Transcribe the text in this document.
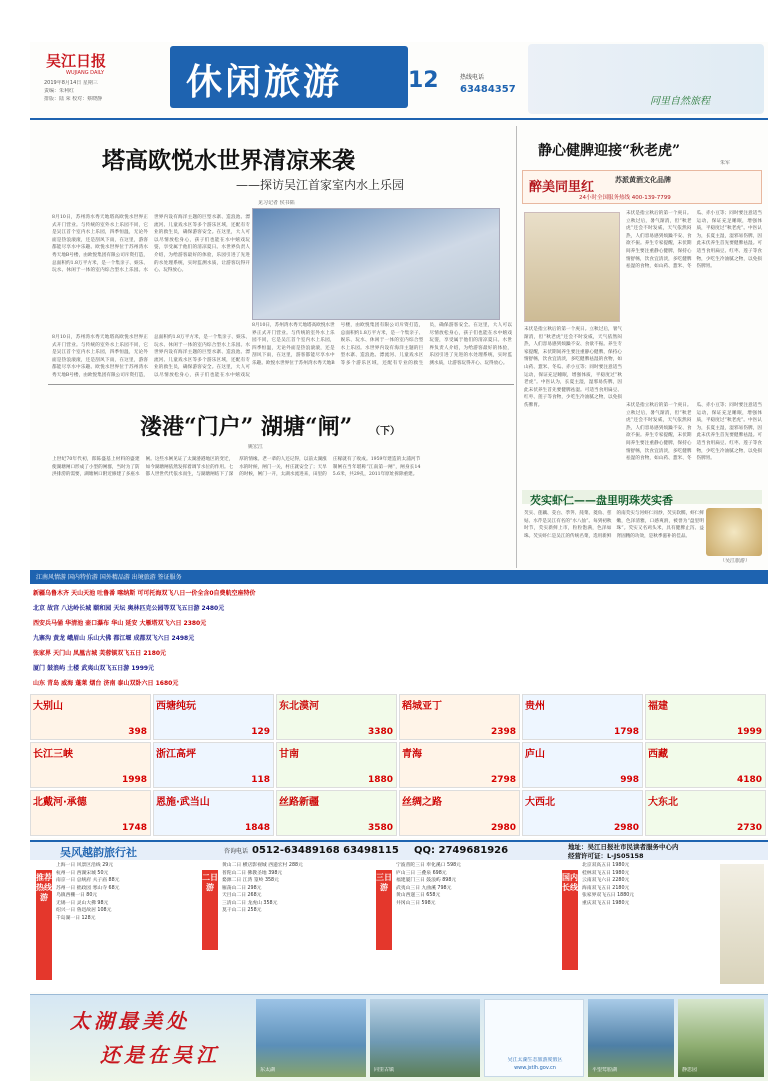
吴江日报
WUJIANG DAILY
2019年8月14日 星期三
责编：朱利红
排版：陆 荣 校对：蔡晓静	休闲旅游	12	热线电话
63484357
同里自然旅程
塔高欧悦水世界清凉来袭
——探访吴江首家室内水上乐园
见习记者 侯书韬
8月10日，苏州湾水秀天地塔高欧悦水世界正式开门营业。与传统的室外水上乐园不同，它是吴江首个室内水上乐园，四季恒温，无论外面是热浪滚滚，还是刮风下雨，在这里，游客都能尽享水中乐趣。欧悦水世界位于苏州湾水秀天地B号楼，由欧悦集团有限公司斥资打造，总面积约1.8万平方米，是一个集亲子、娱乐、玩水、休闲于一体的室内综合型水上乐园。水世界内设有海洋主题的巨型水寨、造浪池、漂流河、儿童戏水区等多个游乐区域，还配有专业的救生员，确保游客安全。在这里，大人可以尽情放松身心，孩子们也能在水中嬉戏玩耍，享受属于他们的清凉夏日。水世界负责人介绍，为给游客最好的体验，乐园引进了先进的水处理系统，实时监测水质，让游客玩得开心、玩得放心。
8月10日，苏州湾水秀天地塔高欧悦水世界正式开门营业。与传统的室外水上乐园不同，它是吴江首个室内水上乐园，四季恒温，无论外面是热浪滚滚，还是刮风下雨，在这里，游客都能尽享水中乐趣。欧悦水世界位于苏州湾水秀天地B号楼，由欧悦集团有限公司斥资打造，总面积约1.8万平方米，是一个集亲子、娱乐、玩水、休闲于一体的室内综合型水上乐园。水世界内设有海洋主题的巨型水寨、造浪池、漂流河、儿童戏水区等多个游乐区域，还配有专业的救生员，确保游客安全。在这里，大人可以尽情放松身心，孩子们也能在水中嬉戏玩耍，享受属于他们的清凉夏日。水世界负责人介绍，为给游客最好的体验，乐园引进了先进的水处理系统，实时监测水质，让游客玩得开心、玩得放心。
8月10日，苏州湾水秀天地塔高欧悦水世界正式开门营业。与传统的室外水上乐园不同，它是吴江首个室内水上乐园，四季恒温，无论外面是热浪滚滚，还是刮风下雨，在这里，游客都能尽享水中乐趣。欧悦水世界位于苏州湾水秀天地B号楼，由欧悦集团有限公司斥资打造，总面积约1.8万平方米，是一个集亲子、娱乐、玩水、休闲于一体的室内综合型水上乐园。水世界内设有海洋主题的巨型水寨、造浪池、漂流河、儿童戏水区等多个游乐区域，还配有专业的救生员，确保游客安全。在这里，大人可以尽情放松身心，孩子们也能在水中嬉戏玩
溇港“门户” 湖塘“闸” （下）
姚宏江
上世纪70年代初，郎陈盛基上材料的盛建使湖塘闸口形成了小型的闸群，当时为了防洪排涝的需要，湖塘闸口附近修建了多座水闸。这些水闸见证了太湖溇港地区的变迁，如今湖塘闸依然发挥着调节水位的作用。七都人世世代代依水而生，与湖塘闸结下了深厚的情缘。老一辈的人还记得，以前太湖涨水的时候，闸门一关，村庄就安全了；天旱的时候，闸门一开，太湖水流进来，田里的庄稼就有了收成。1959年建造的太浦河节制闸在当年堪称“江南第一闸”，闸身长145.6米，共29孔，2011年原址拆除重建。
静心健脾迎接“秋老虎”
朱军
醉美同里红	苏派黄酒文化品牌
24小时全国服务热线 400-139-7799
末伏是指立秋后的第一个庚日。立秋过后，暑气渐消，但“秋老虎”还会不时发威，天气依然闷热，人们容易感到烦躁不安、食欲不振。养生专家提醒，末伏期间养生要注重静心健脾，保持心情舒畅，饮食宜清淡，多吃健脾祛湿的食物，如山药、薏米、冬瓜、赤小豆等；同时要注意适当运动，保证充足睡眠，增强体质，平稳度过“秋老虎”。中医认为，长夏主湿，湿邪易伤脾，因此末伏养生首先要健脾祛湿。可适当食用扁豆、红枣、莲子等食物，少吃生冷油腻之物，以免损伤脾胃。
末伏是指立秋后的第一个庚日。立秋过后，暑气渐消，但“秋老虎”还会不时发威，天气依然闷热，人们容易感到烦躁不安、食欲不振。养生专家提醒，末伏期间养生要注重静心健脾，保持心情舒畅，饮食宜清淡，多吃健脾祛湿的食物，如山药、薏米、冬瓜、赤小豆等；同时要注意适当运动，保证充足睡眠，增强体质，平稳度过“秋老虎”。中医认为，长夏主湿，湿邪易伤脾，因此末伏养生首先要健脾祛湿。可适当食用扁豆、红枣、莲子等食物，少吃生冷油腻之物，以免损伤脾胃。	末伏是指立秋后的第一个庚日。立秋过后，暑气渐消，但“秋老虎”还会不时发威，天气依然闷热，人们容易感到烦躁不安、食欲不振。养生专家提醒，末伏期间养生要注重静心健脾，保持心情舒畅，饮食宜清淡，多吃健脾祛湿的食物，如山药、薏米、冬瓜、赤小豆等；同时要注意适当运动，保证充足睡眠，增强体质，平稳度过“秋老虎”。中医认为，长夏主湿，湿邪易伤脾，因此末伏养生首先要健脾祛湿。可适当食用扁豆、红枣、莲子等食物，少吃生冷油腻之物，以免损伤脾胃。
芡实虾仁——盘里明珠芡实香
芡实、莲藕、茭白、荸荠、莼菜、菱角、慈姑、水芹是吴江有名的“水八仙”。每到初秋时节，芡实新鲜上市，粒粒饱满，色泽如珠。芡实虾仁是吴江的传统名菜，选用新鲜的南芡实与河虾仁同炒，芡实软糯，虾仁鲜嫩，色泽清雅，口感爽滑，被誉为“盘里明珠”。芡实又名鸡头米，具有健脾止泻、益肾固精的功效，是秋季滋补的佳品。
（吴江旅游）
江南风情游 国内特价游 国外精品游 出境旅游 签证服务
新疆乌鲁木齐 天山天池 吐鲁番 喀纳斯 可可托海双飞八日一价全含0自费航空座特价
北京 故宫 八达岭长城 颐和园 天坛 奥林匹克公园等双飞五日游 2480元
西安兵马俑 华清池 壶口瀑布 华山 延安 大雁塔双飞六日 2380元
九寨沟 黄龙 峨眉山 乐山大佛 都江堰 成都双飞六日 2498元
张家界 天门山 凤凰古城 芙蓉镇双飞五日 2180元
厦门 鼓浪屿 土楼 武夷山双飞五日游 1999元
山东 青岛 威海 蓬莱 烟台 济南 泰山双卧六日 1680元
大别山
398
西塘纯玩
129
东北漠河
3380
稻城亚丁
2398
贵州
1798
福建
1999
长江三峡
1998
浙江高坪
118
甘南
1880
青海
2798
庐山
998
西藏
4180
北戴河·承德
1748
恩施·武当山
1848
丝路新疆
3580
丝绸之路
2980
大西北
2980
大东北
2730
吴风越韵旅行社	咨询电话 0512-63489168 63498115 QQ: 2749681926	地址：吴江日报社市民读者服务中心内
经营许可证：L-JS05158
推荐热线游
上海一日 风景区沿线 29元
杭州一日 西湖宋城 50元
南京一日 总统府 夫子庙 88元
苏州一日 拙政园 寒山寺 68元
乌镇西栅一日 80元
无锡一日 灵山大佛 98元
绍兴一日 鲁迅故居 108元
千岛湖一日 128元
二日游
黄山二日 横店影视城 西递宏村 288元
普陀山二日 佛教圣地 398元
婺源二日 江湾 篁岭 358元
雁荡山二日 298元
天目山二日 268元
三清山二日 龙虎山 358元
莫干山二日 258元
三日游
宁波普陀三日 奉化溪口 598元
庐山三日 三叠泉 698元
福建厦门三日 鼓浪屿 898元
武夷山三日 九曲溪 798元
黄山西递三日 658元
井冈山三日 598元
国内长线
北京双高五日 1980元
桂林双飞五日 1980元
云南双飞六日 2280元
海南双飞五日 2180元
张家界双飞五日 1880元
重庆双飞五日 1980元
太湖最美处
还是在吴江
东太湖	同里古镇
吴江太湖生态旅游度假区
www.jstlh.gov.cn	平望莺脰湖	静思园
